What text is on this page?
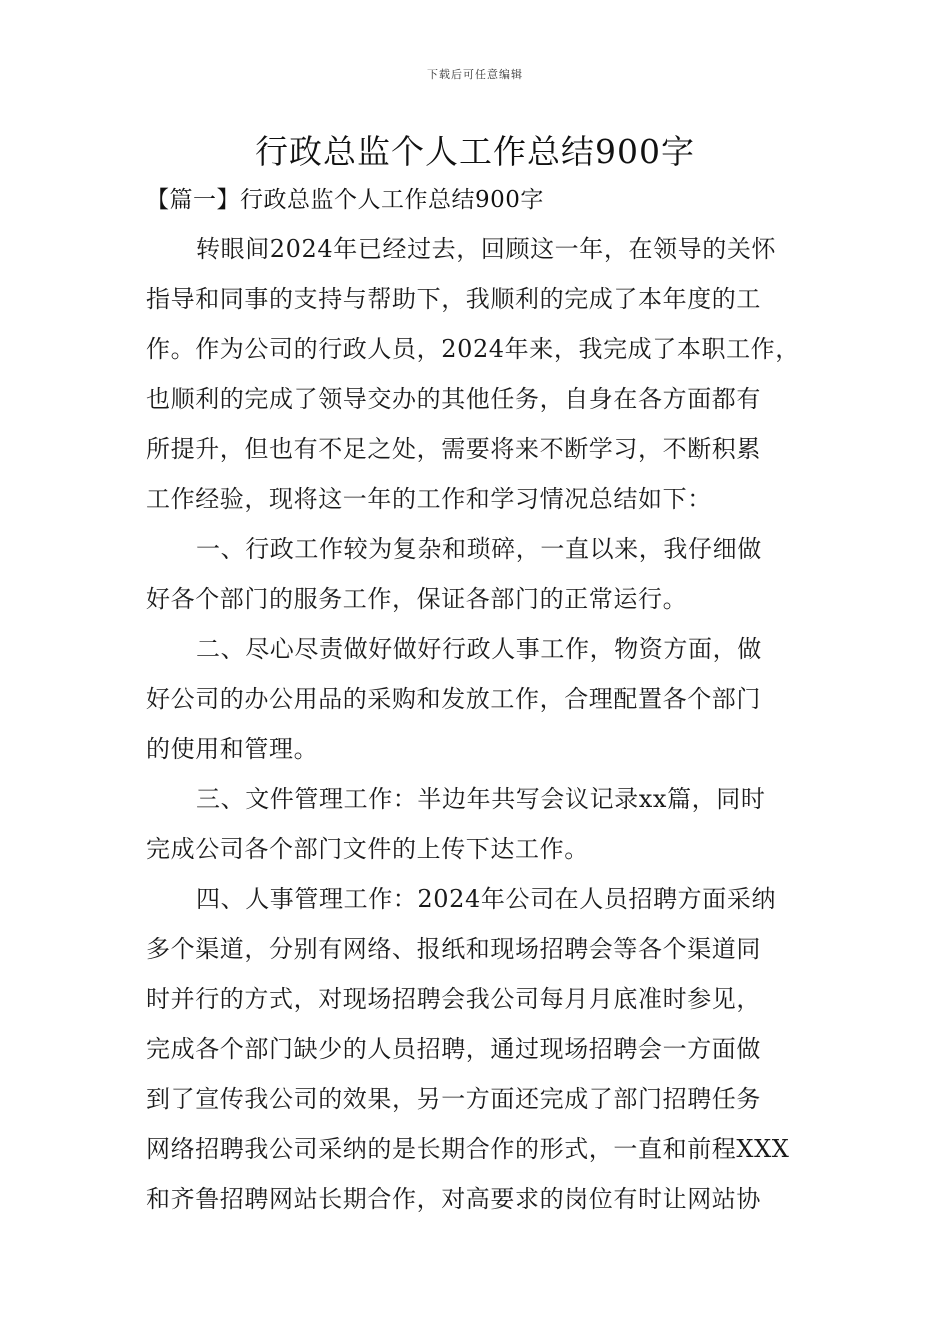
下载后可任意编辑
行政总监个人工作总结900字
【篇一】行政总监个人工作总结900字
转眼间2024年已经过去，回顾这一年，在领导的关怀
指导和同事的支持与帮助下，我顺利的完成了本年度的工
作。作为公司的行政人员，2024年来，我完成了本职工作，
也顺利的完成了领导交办的其他任务，自身在各方面都有
所提升，但也有不足之处，需要将来不断学习，不断积累
工作经验，现将这一年的工作和学习情况总结如下：
一、行政工作较为复杂和琐碎，一直以来，我仔细做
好各个部门的服务工作，保证各部门的正常运行。
二、尽心尽责做好做好行政人事工作，物资方面，做
好公司的办公用品的采购和发放工作，合理配置各个部门
的使用和管理。
三、文件管理工作：半边年共写会议记录xx篇，同时
完成公司各个部门文件的上传下达工作。
四、人事管理工作：2024年公司在人员招聘方面采纳
多个渠道，分别有网络、报纸和现场招聘会等各个渠道同
时并行的方式，对现场招聘会我公司每月月底准时参见，
完成各个部门缺少的人员招聘，通过现场招聘会一方面做
到了宣传我公司的效果，另一方面还完成了部门招聘任务
网络招聘我公司采纳的是长期合作的形式，一直和前程XXX
和齐鲁招聘网站长期合作，对高要求的岗位有时让网站协
